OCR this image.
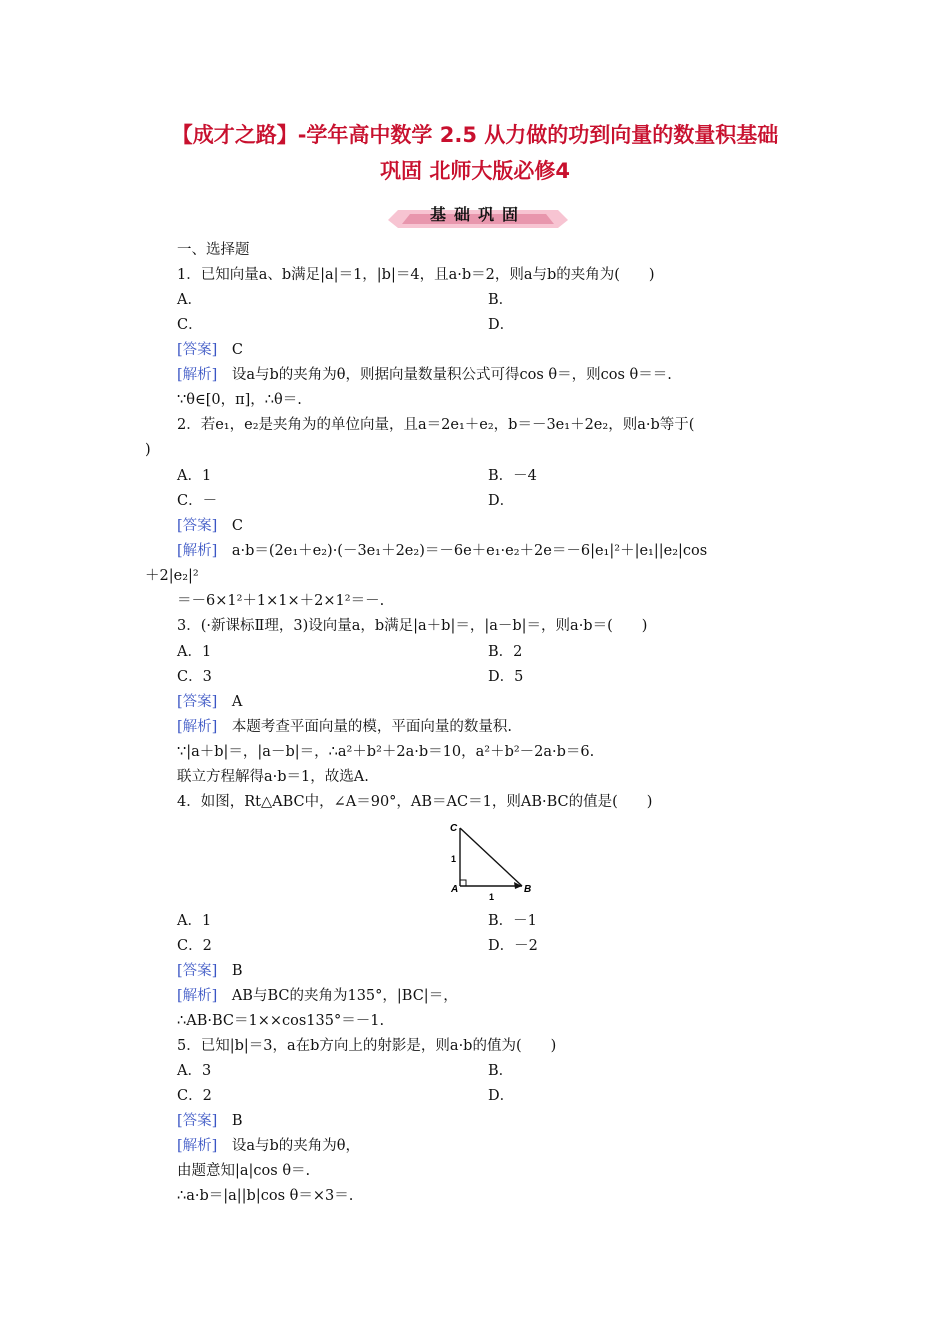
【成才之路】-学年高中数学 2.5 从力做的功到向量的数量积基础
巩固 北师大版必修4
基础巩固
一、选择题
1．已知向量a、b满足|a|＝1，|b|＝4，且a·b＝2，则a与b的夹角为(　　)
A．	B．
C．	D．
[答案]　 C
[解析]　 设a与b的夹角为θ，则据向量数量积公式可得cos θ＝，则cos θ＝＝.
∵θ∈[0，π]，∴θ＝.
2．若e₁，e₂是夹角为的单位向量，且a＝2e₁＋e₂，b＝－3e₁＋2e₂，则a·b等于(
)
A．1	B．－4
C．－	D．
[答案]　 C
[解析]　 a·b＝(2e₁＋e₂)·(－3e₁＋2e₂)＝－6e＋e₁·e₂＋2e＝－6|e₁|²＋|e₁||e₂|cos
＋2|e₂|²
＝－6×1²＋1×1×＋2×1²＝－.
3．(·新课标Ⅱ理，3)设向量a，b满足|a＋b|＝，|a－b|＝，则a·b＝(　　)
A．1	B．2
C．3	D．5
[答案]　 A
[解析]　 本题考查平面向量的模，平面向量的数量积.
∵|a＋b|＝，|a－b|＝，∴a²＋b²＋2a·b＝10，a²＋b²－2a·b＝6.
联立方程解得a·b＝1，故选A.
4．如图，Rt△ABC中，∠A＝90°，AB＝AC＝1，则AB·BC的值是(　　)
C
1
A	B
1
A．1	B．－1
C．2	D．－2
[答案]　 B
[解析]　 AB与BC的夹角为135°，|BC|＝，
∴AB·BC＝1××cos135°＝－1.
5．已知|b|＝3，a在b方向上的射影是，则a·b的值为(　　)
A．3	B．
C．2	D．
[答案]　 B
[解析]　 设a与b的夹角为θ，
由题意知|a|cos θ＝.
∴a·b＝|a||b|cos θ＝×3＝.
